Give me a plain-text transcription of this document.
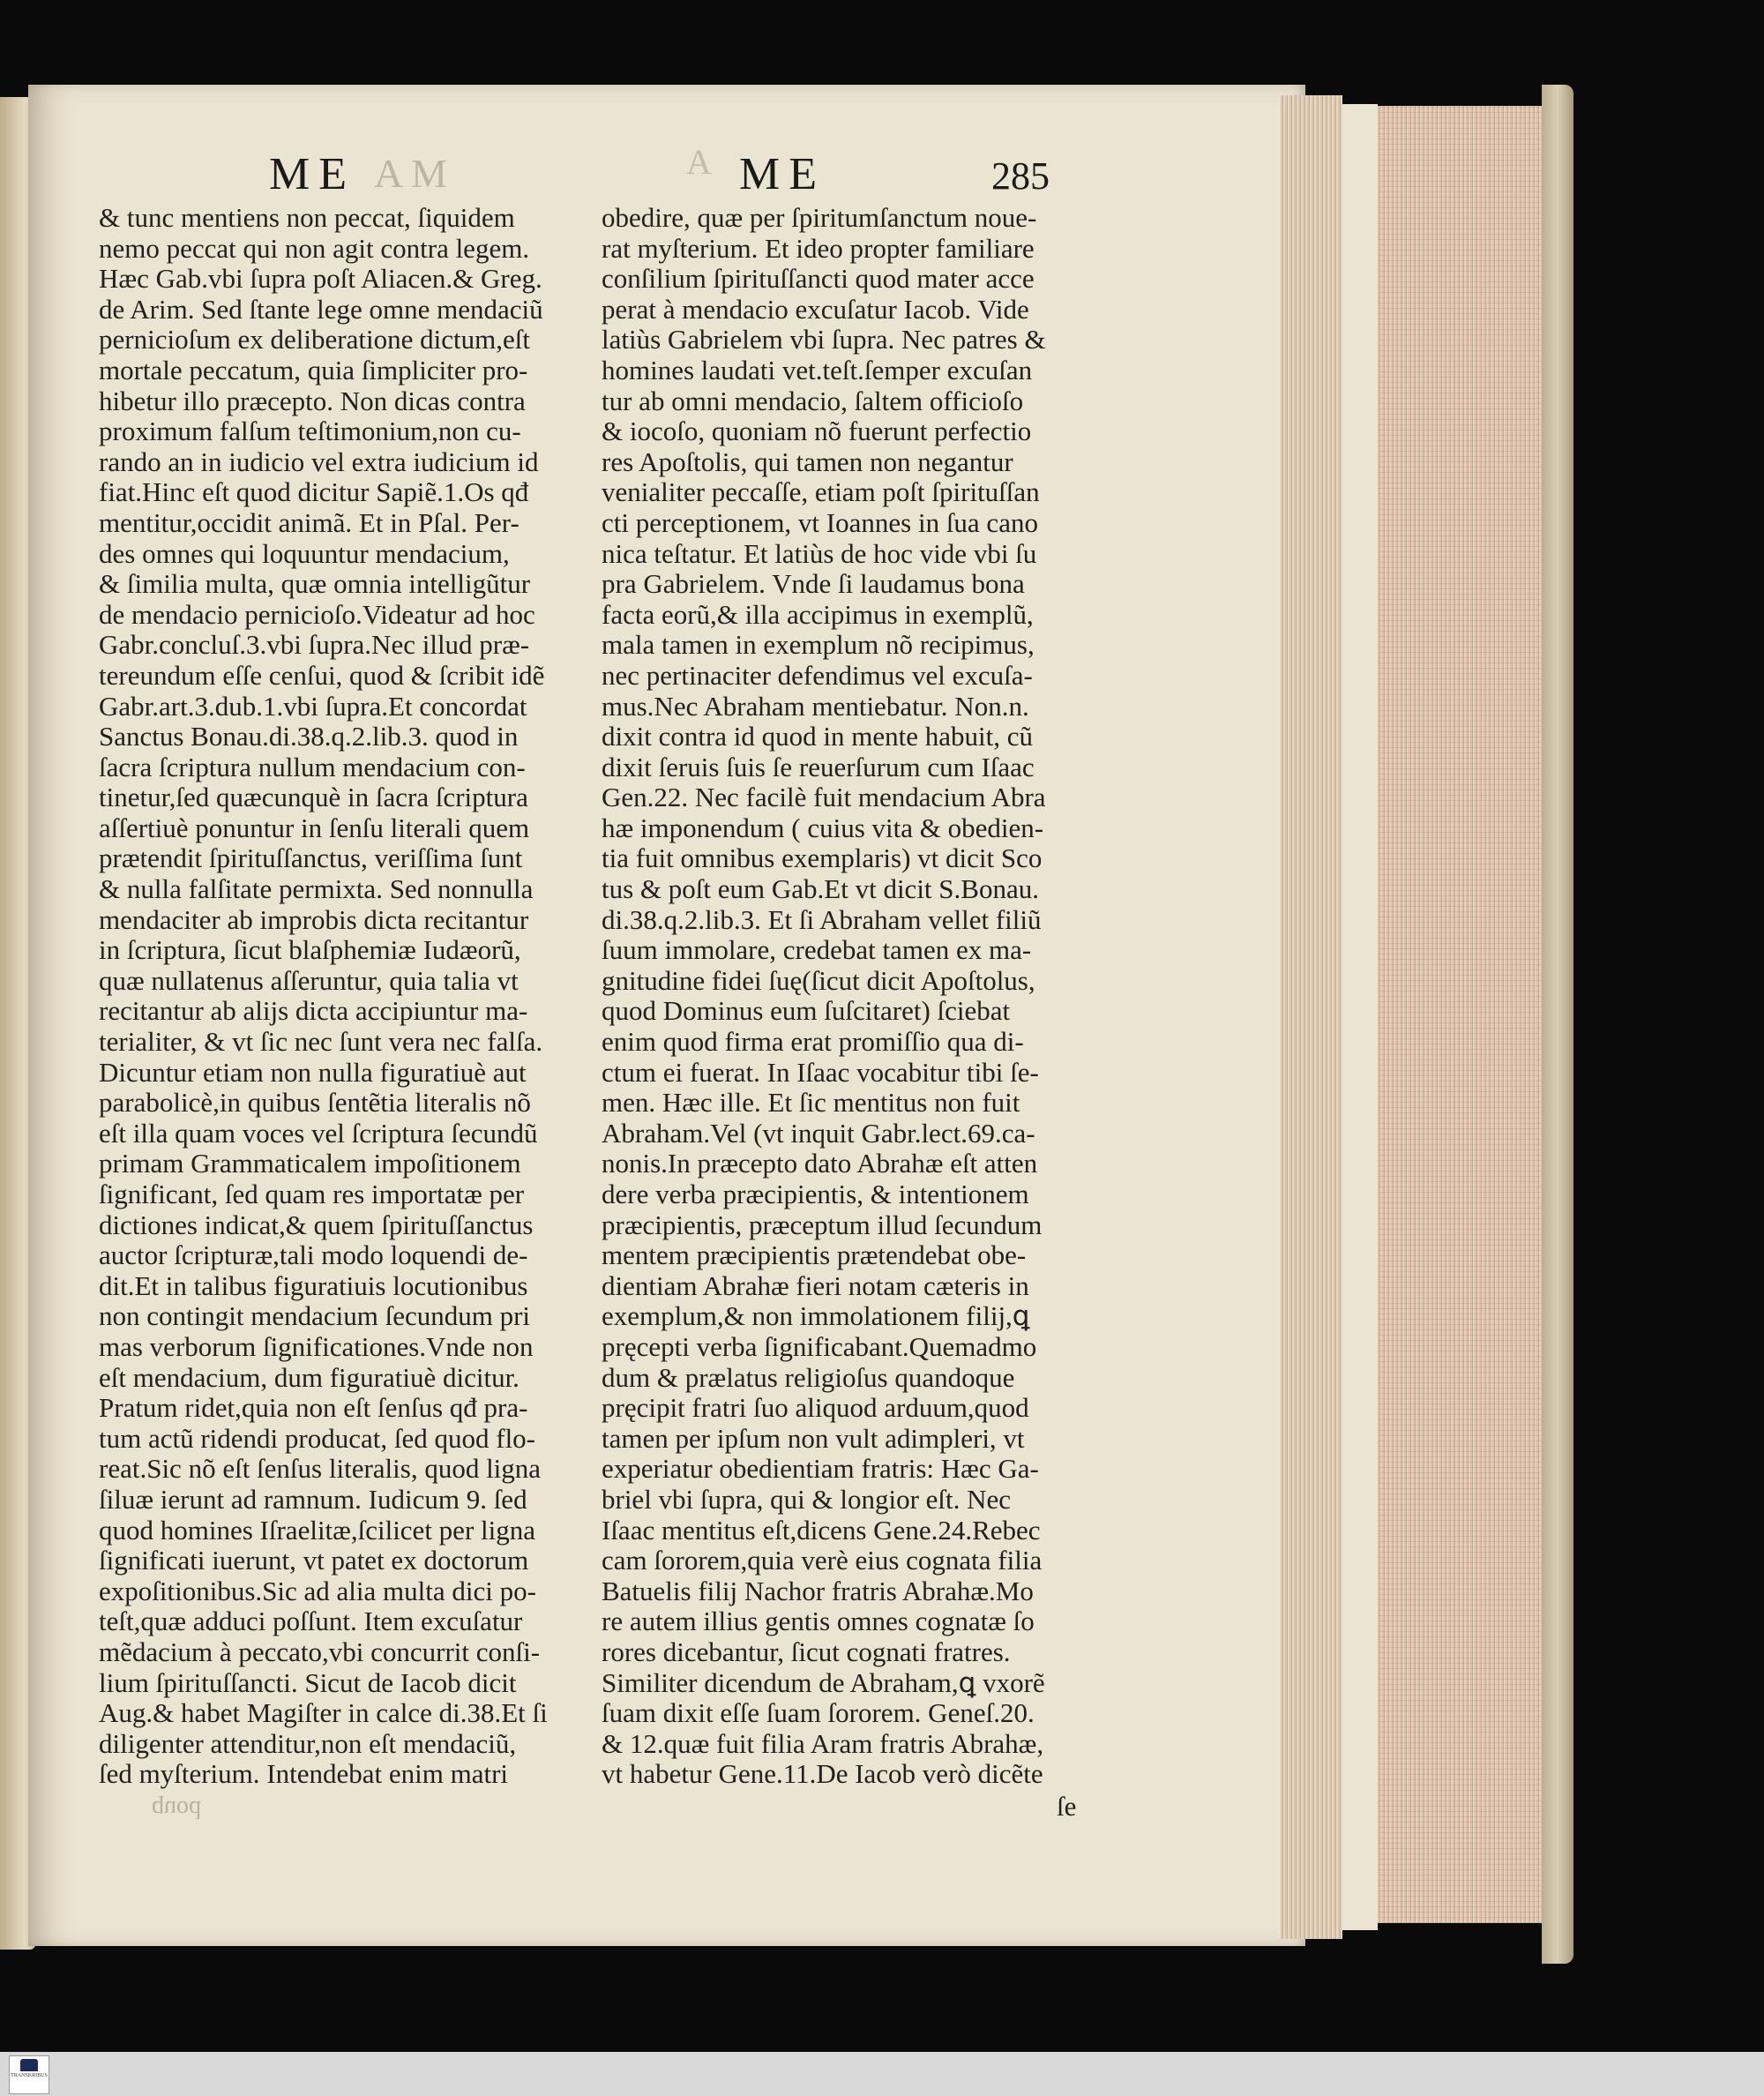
ME A M	A ME	285
& tunc mentiens non peccat, ſiquidem
nemo peccat qui non agit contra legem.
Hæc Gab.vbi ſupra poſt Aliacen.& Greg.
de Arim. Sed ſtante lege omne mendaciũ
pernicioſum ex deliberatione dictum,eſt
mortale peccatum, quia ſimpliciter pro-
hibetur illo præcepto. Non dicas contra
proximum falſum teſtimonium,non cu-
rando an in iudicio vel extra iudicium id
fiat.Hinc eſt quod dicitur Sapiẽ.1.Os qđ
mentitur,occidit animã. Et in Pſal. Per-
des omnes qui loquuntur mendacium,
& ſimilia multa, quæ omnia intelligũtur
de mendacio pernicioſo.Videatur ad hoc
Gabr.concluſ.3.vbi ſupra.Nec illud præ-
tereundum eſſe cenſui, quod & ſcribit idẽ
Gabr.art.3.dub.1.vbi ſupra.Et concordat
Sanctus Bonau.di.38.q.2.lib.3. quod in
ſacra ſcriptura nullum mendacium con-
tinetur,ſed quæcunquè in ſacra ſcriptura
aſſertiuè ponuntur in ſenſu literali quem
prætendit ſpirituſſanctus, veriſſima ſunt
& nulla falſitate permixta. Sed nonnulla
mendaciter ab improbis dicta recitantur
in ſcriptura, ſicut blaſphemiæ Iudæorũ,
quæ nullatenus aſſeruntur, quia talia vt
recitantur ab alijs dicta accipiuntur ma-
terialiter, & vt ſic nec ſunt vera nec falſa.
Dicuntur etiam non nulla figuratiuè aut
parabolicè,in quibus ſentẽtia literalis nõ
eſt illa quam voces vel ſcriptura ſecundũ
primam Grammaticalem impoſitionem
ſignificant, ſed quam res importatæ per
dictiones indicat,& quem ſpirituſſanctus
auctor ſcripturæ,tali modo loquendi de-
dit.Et in talibus figuratiuis locutionibus
non contingit mendacium ſecundum pri
mas verborum ſignificationes.Vnde non
eſt mendacium, dum figuratiuè dicitur.
Pratum ridet,quia non eſt ſenſus qđ pra-
tum actũ ridendi producat, ſed quod flo-
reat.Sic nõ eſt ſenſus literalis, quod ligna
ſiluæ ierunt ad ramnum. Iudicum 9. ſed
quod homines Iſraelitæ,ſcilicet per ligna
ſignificati iuerunt, vt patet ex doctorum
expoſitionibus.Sic ad alia multa dici po-
teſt,quæ adduci poſſunt. Item excuſatur
mẽdacium à peccato,vbi concurrit conſi-
lium ſpirituſſancti. Sicut de Iacob dicit
Aug.& habet Magiſter in calce di.38.Et ſi
diligenter attenditur,non eſt mendaciũ,
ſed myſterium. Intendebat enim matri
obedire, quæ per ſpiritumſanctum noue-
rat myſterium. Et ideo propter familiare
conſilium ſpirituſſancti quod mater acce
perat à mendacio excuſatur Iacob. Vide
latiùs Gabrielem vbi ſupra. Nec patres &
homines laudati vet.teſt.ſemper excuſan
tur ab omni mendacio, ſaltem officioſo
& iocoſo, quoniam nõ fuerunt perfectio
res Apoſtolis, qui tamen non negantur
venialiter peccaſſe, etiam poſt ſpirituſſan
cti perceptionem, vt Ioannes in ſua cano
nica teſtatur. Et latiùs de hoc vide vbi ſu
pra Gabrielem. Vnde ſi laudamus bona
facta eorũ,& illa accipimus in exemplũ,
mala tamen in exemplum nõ recipimus,
nec pertinaciter defendimus vel excuſa-
mus.Nec Abraham mentiebatur. Non.n.
dixit contra id quod in mente habuit, cũ
dixit ſeruis ſuis ſe reuerſurum cum Iſaac
Gen.22. Nec facilè fuit mendacium Abra
hæ imponendum ( cuius vita & obedien-
tia fuit omnibus exemplaris) vt dicit Sco
tus & poſt eum Gab.Et vt dicit S.Bonau.
di.38.q.2.lib.3. Et ſi Abraham vellet filiũ
ſuum immolare, credebat tamen ex ma-
gnitudine fidei ſuę(ſicut dicit Apoſtolus,
quod Dominus eum ſuſcitaret) ſciebat
enim quod firma erat promiſſio qua di-
ctum ei fuerat. In Iſaac vocabitur tibi ſe-
men. Hæc ille. Et ſic mentitus non fuit
Abraham.Vel (vt inquit Gabr.lect.69.ca-
nonis.In præcepto dato Abrahæ eſt atten
dere verba præcipientis, & intentionem
præcipientis, præceptum illud ſecundum
mentem præcipientis prætendebat obe-
dientiam Abrahæ fieri notam cæteris in
exemplum,& non immolationem filij,ꝗ
pręcepti verba ſignificabant.Quemadmo
dum & prælatus religioſus quandoque
pręcipit fratri ſuo aliquod arduum,quod
tamen per ipſum non vult adimpleri, vt
experiatur obedientiam fratris: Hæc Ga-
briel vbi ſupra, qui & longior eſt. Nec
Iſaac mentitus eſt,dicens Gene.24.Rebec
cam ſororem,quia verè eius cognata filia
Batuelis filij Nachor fratris Abrahæ.Mo
re autem illius gentis omnes cognatæ ſo
rores dicebantur, ſicut cognati fratres.
Similiter dicendum de Abraham,ꝗ vxorẽ
ſuam dixit eſſe ſuam ſororem. Geneſ.20.
& 12.quæ fuit filia Aram fratris Abrahæ,
vt habetur Gene.11.De Iacob verò dicẽte
ſe
quod
TRANSKRIBUS
